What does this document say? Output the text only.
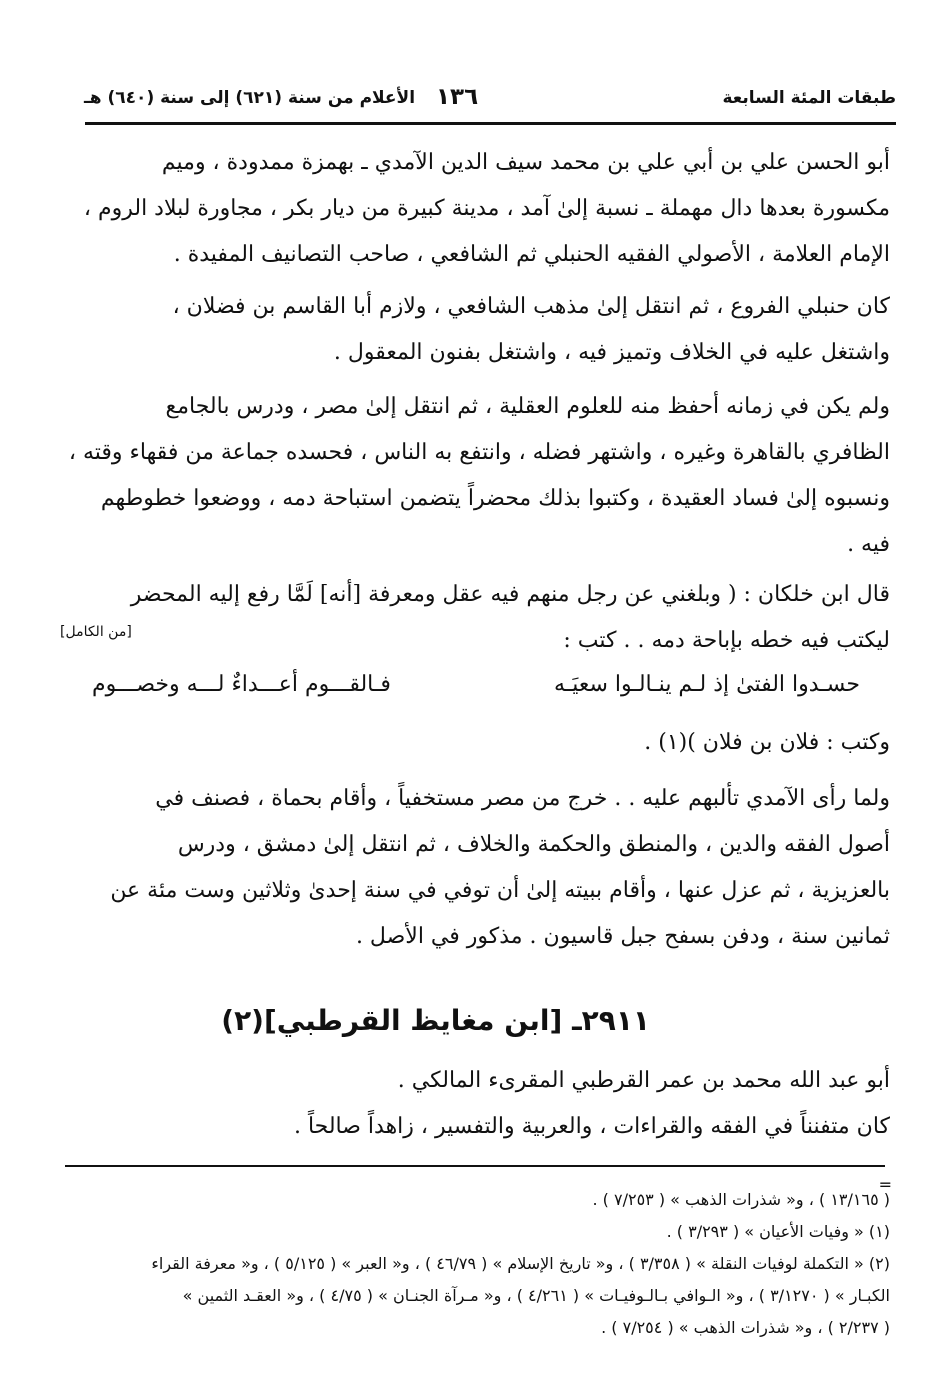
طبقات المئة السابعة
١٣٦
الأعلام من سنة (٦٢١) إلى سنة (٦٤٠) هـ
أبو الحسن علي بن أبي علي بن محمد سيف الدين الآمدي ـ بهمزة ممدودة ، وميم
مكسورة بعدها دال مهملة ـ نسبة إلىٰ آمد ، مدينة كبيرة من ديار بكر ، مجاورة لبلاد الروم ،
الإمام العلامة ، الأصولي الفقيه الحنبلي ثم الشافعي ، صاحب التصانيف المفيدة .
كان حنبلي الفروع ، ثم انتقل إلىٰ مذهب الشافعي ، ولازم أبا القاسم بن فضلان ،
واشتغل عليه في الخلاف وتميز فيه ، واشتغل بفنون المعقول .
ولم يكن في زمانه أحفظ منه للعلوم العقلية ، ثم انتقل إلىٰ مصر ، ودرس بالجامع
الظافري بالقاهرة وغيره ، واشتهر فضله ، وانتفع به الناس ، فحسده جماعة من فقهاء وقته ،
ونسبوه إلىٰ فساد العقيدة ، وكتبوا بذلك محضراً يتضمن استباحة دمه ، ووضعوا خطوطهم
فيه .
قال ابن خلكان : ( وبلغني عن رجل منهم فيه عقل ومعرفة [أنه] لَمَّا رفع إليه المحضر
ليكتب فيه خطه بإباحة دمه . . كتب :
[من الكامل]
حسـدوا الفتىٰ إذ لـم ينـالـوا سعيَـه
فـالقـــوم أعـــداءٌ لـــه وخصـــوم
وكتب : فلان بن فلان )(١) .
ولما رأى الآمدي تألبهم عليه . . خرج من مصر مستخفياً ، وأقام بحماة ، فصنف في
أصول الفقه والدين ، والمنطق والحكمة والخلاف ، ثم انتقل إلىٰ دمشق ، ودرس
بالعزيزية ، ثم عزل عنها ، وأقام ببيته إلىٰ أن توفي في سنة إحدىٰ وثلاثين وست مئة عن
ثمانين سنة ، ودفن بسفح جبل قاسيون . مذكور في الأصل .
٢٩١١ـ [ابن مغايظ القرطبي](٢)
أبو عبد الله محمد بن عمر القرطبي المقرىء المالكي .
كان متفنناً في الفقه والقراءات ، والعربية والتفسير ، زاهداً صالحاً .
=
( ١٣/١٦٥ ) ، و« شذرات الذهب » ( ٧/٢٥٣ ) .
(١) « وفيات الأعيان » ( ٣/٢٩٣ ) .
(٢) « التكملة لوفيات النقلة » ( ٣/٣٥٨ ) ، و« تاريخ الإسلام » ( ٤٦/٧٩ ) ، و« العبر » ( ٥/١٢٥ ) ، و« معرفة القراء
الكبـار » ( ٣/١٢٧٠ ) ، و« الـوافي بـالـوفيـات » ( ٤/٢٦١ ) ، و« مـرآة الجنـان » ( ٤/٧٥ ) ، و« العقـد الثمين »
( ٢/٢٣٧ ) ، و« شذرات الذهب » ( ٧/٢٥٤ ) .
